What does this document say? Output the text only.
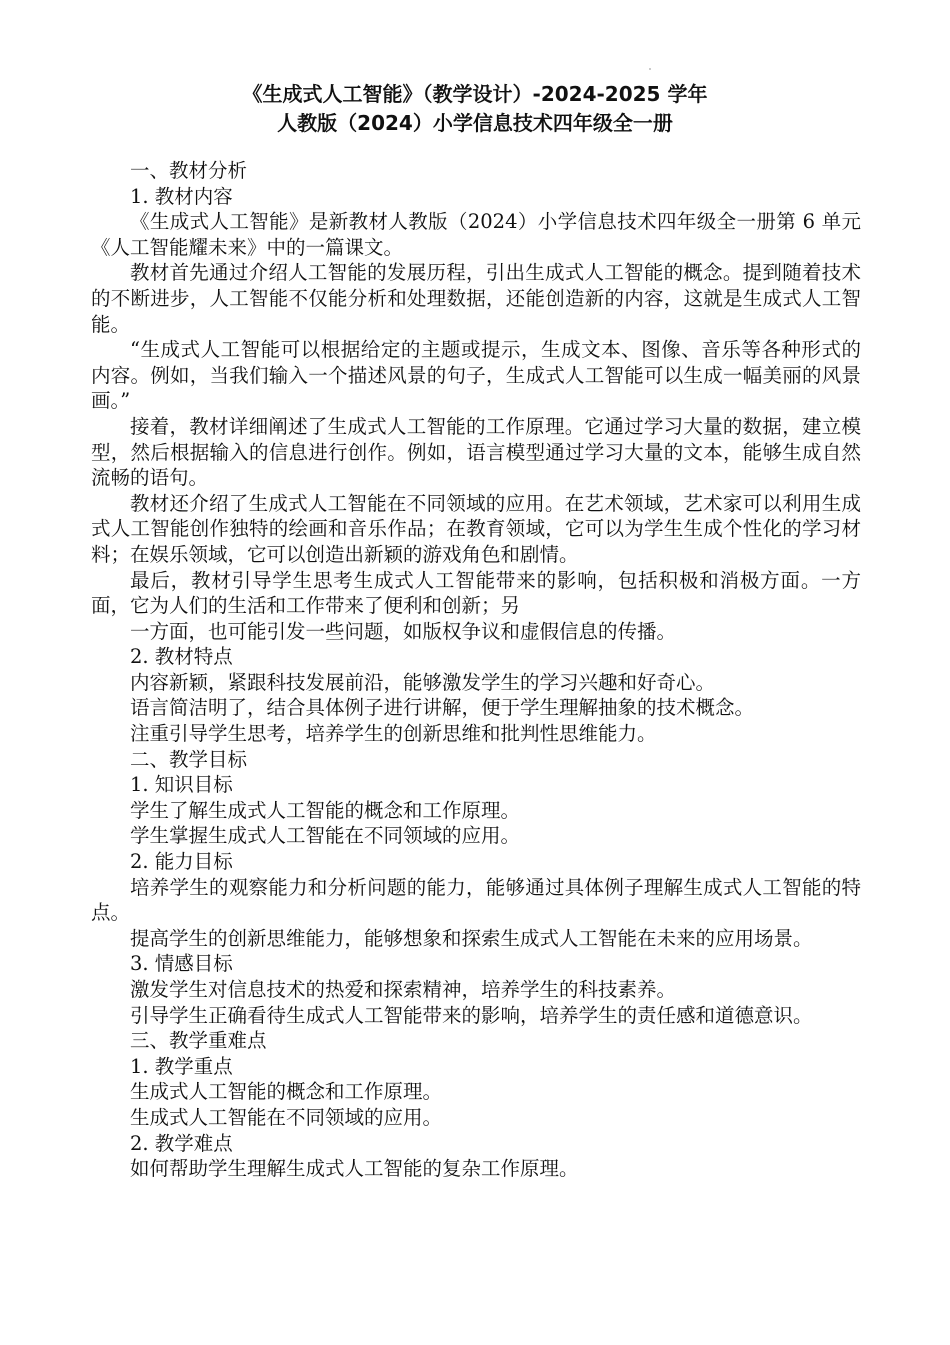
《生成式人工智能》（教学设计）-2024-2025 学年
人教版（2024）小学信息技术四年级全一册

一、教材分析

1. 教材内容

《生成式人工智能》是新教材人教版（2024）小学信息技术四年级全一册第 6 单元《人工智能耀未来》中的一篇课文。

教材首先通过介绍人工智能的发展历程，引出生成式人工智能的概念。提到随着技术的不断进步，人工智能不仅能分析和处理数据，还能创造新的内容，这就是生成式人工智能。

“生成式人工智能可以根据给定的主题或提示，生成文本、图像、音乐等各种形式的内容。例如，当我们输入一个描述风景的句子，生成式人工智能可以生成一幅美丽的风景画。”

接着，教材详细阐述了生成式人工智能的工作原理。它通过学习大量的数据，建立模型，然后根据输入的信息进行创作。例如，语言模型通过学习大量的文本，能够生成自然流畅的语句。

教材还介绍了生成式人工智能在不同领域的应用。在艺术领域，艺术家可以利用生成式人工智能创作独特的绘画和音乐作品；在教育领域，它可以为学生生成个性化的学习材料；在娱乐领域，它可以创造出新颖的游戏角色和剧情。

最后，教材引导学生思考生成式人工智能带来的影响，包括积极和消极方面。一方面，它为人们的生活和工作带来了便利和创新；另

一方面，也可能引发一些问题，如版权争议和虚假信息的传播。

2. 教材特点

内容新颖，紧跟科技发展前沿，能够激发学生的学习兴趣和好奇心。

语言简洁明了，结合具体例子进行讲解，便于学生理解抽象的技术概念。

注重引导学生思考，培养学生的创新思维和批判性思维能力。

二、教学目标

1. 知识目标

学生了解生成式人工智能的概念和工作原理。

学生掌握生成式人工智能在不同领域的应用。

2. 能力目标

培养学生的观察能力和分析问题的能力，能够通过具体例子理解生成式人工智能的特点。

提高学生的创新思维能力，能够想象和探索生成式人工智能在未来的应用场景。

3. 情感目标

激发学生对信息技术的热爱和探索精神，培养学生的科技素养。

引导学生正确看待生成式人工智能带来的影响，培养学生的责任感和道德意识。

三、教学重难点

1. 教学重点

生成式人工智能的概念和工作原理。

生成式人工智能在不同领域的应用。

2. 教学难点

如何帮助学生理解生成式人工智能的复杂工作原理。
